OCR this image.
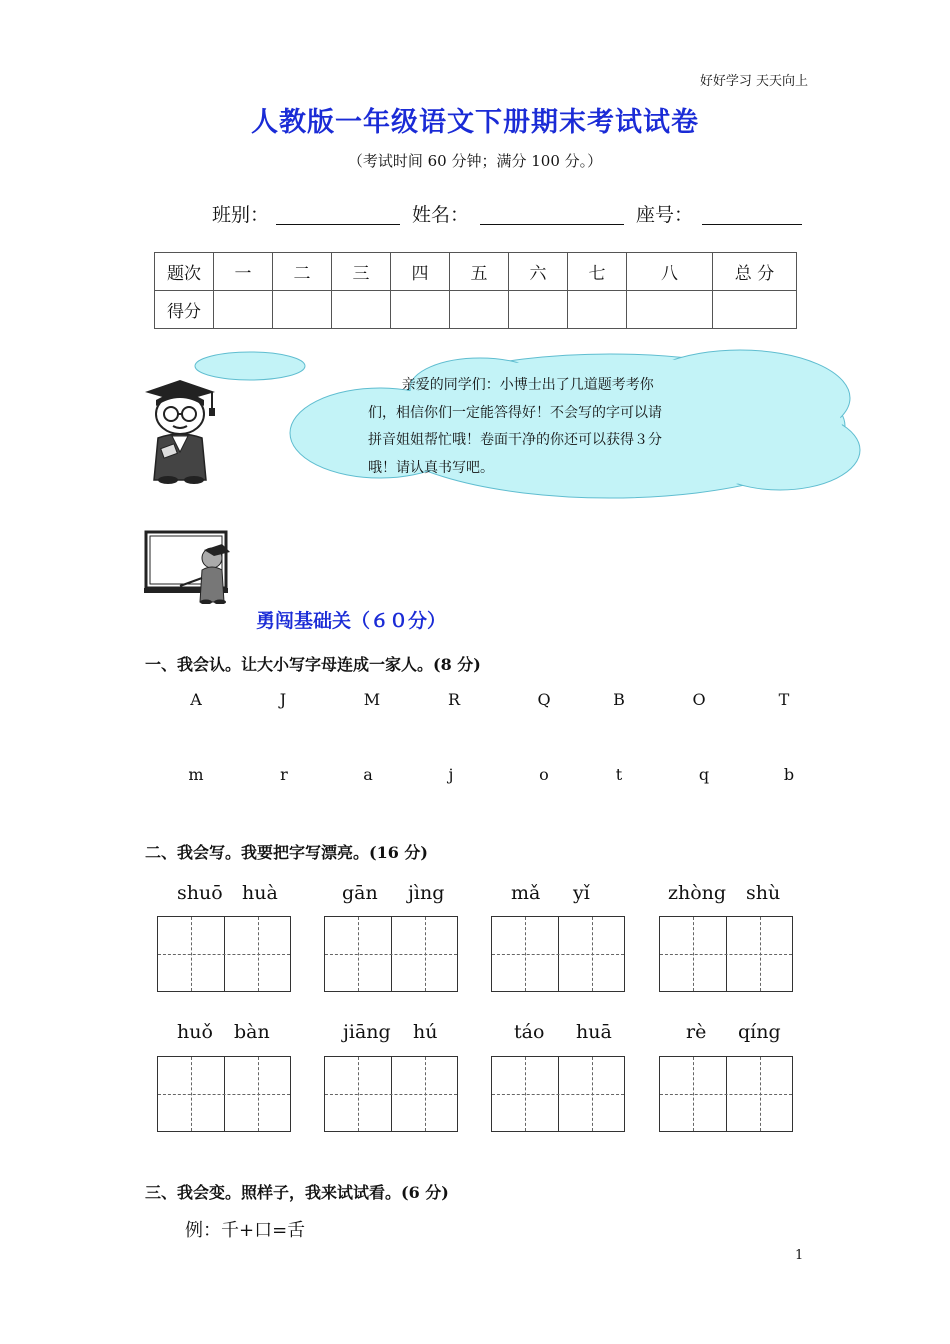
好好学习 天天向上
人教版一年级语文下册期末考试试卷
（考试时间 60 分钟；满分 100 分。）
班别：	姓名：	座号：
题次	一	二	三	四	五	六	七	八	总 分
得分									
亲爱的同学们：小博士出了几道题考考你
们，相信你们一定能答得好！不会写的字可以请
拼音姐姐帮忙哦！卷面干净的你还可以获得３分
哦！请认真书写吧。
勇闯基础关（６０分）
一、我会认。让大小写字母连成一家人。(8 分)
A	J	M	R	Q	B	O	T
m	r	a	j	o	t	q	b
二、我会写。我要把字写漂亮。(16 分)
shuō huà	gān jìng	mǎ yǐ	zhòng shù
huǒ bàn	jiāng hú	táo huā	rè qíng
三、我会变。照样子，我来试试看。(6 分)
例：千+口=舌
1
